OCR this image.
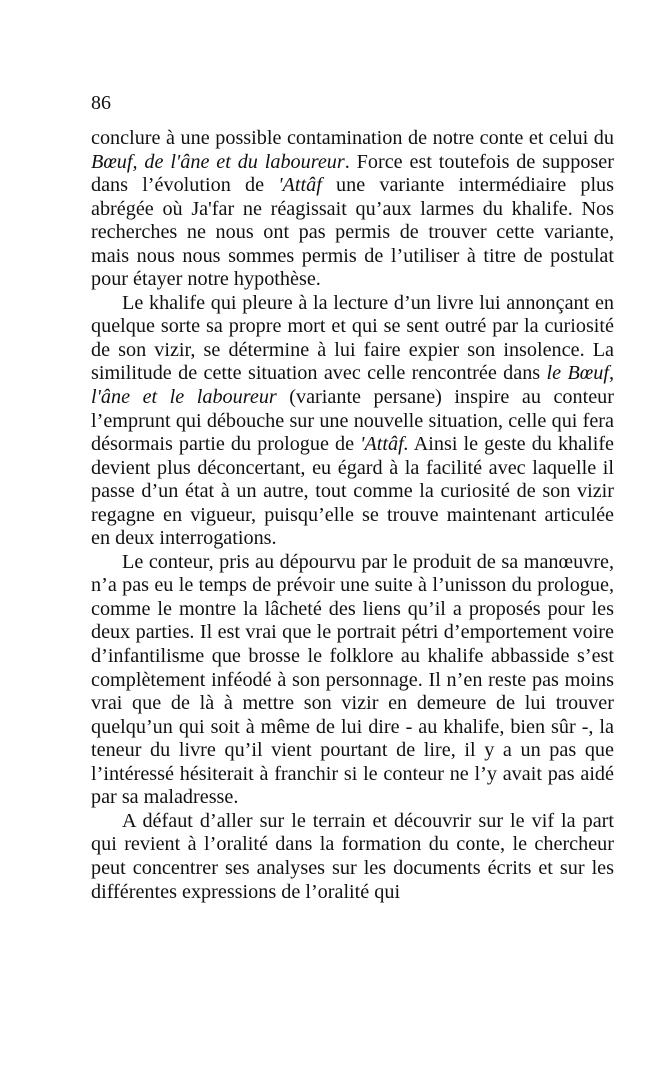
86

conclure à une possible contamination de notre conte et celui du Bœuf, de l'âne et du laboureur. Force est toutefois de supposer dans l’évolution de 'Attâf une variante intermédiaire plus abrégée où Ja'far ne réagissait qu’aux larmes du khalife. Nos recherches ne nous ont pas permis de trouver cette variante, mais nous nous sommes permis de l’utiliser à titre de postulat pour étayer notre hypothèse.

Le khalife qui pleure à la lecture d’un livre lui annonçant en quelque sorte sa propre mort et qui se sent outré par la curiosité de son vizir, se détermine à lui faire expier son insolence. La similitude de cette situation avec celle rencontrée dans le Bœuf, l'âne et le laboureur (variante persane) inspire au conteur l’emprunt qui débouche sur une nouvelle situation, celle qui fera désormais partie du prologue de 'Attâf. Ainsi le geste du khalife devient plus déconcertant, eu égard à la facilité avec laquelle il passe d’un état à un autre, tout comme la curiosité de son vizir regagne en vigueur, puisqu’elle se trouve maintenant articulée en deux interrogations.

Le conteur, pris au dépourvu par le produit de sa manœuvre, n’a pas eu le temps de prévoir une suite à l’unisson du prologue, comme le montre la lâcheté des liens qu’il a proposés pour les deux parties. Il est vrai que le portrait pétri d’emportement voire d’infantilisme que brosse le folklore au khalife abbasside s’est complètement inféodé à son personnage. Il n’en reste pas moins vrai que de là à mettre son vizir en demeure de lui trouver quelqu’un qui soit à même de lui dire - au khalife, bien sûr -, la teneur du livre qu’il vient pourtant de lire, il y a un pas que l’intéressé hésiterait à franchir si le conteur ne l’y avait pas aidé par sa maladresse.

A défaut d’aller sur le terrain et découvrir sur le vif la part qui revient à l’oralité dans la formation du conte, le chercheur peut concentrer ses analyses sur les documents écrits et sur les différentes expressions de l’oralité qui
